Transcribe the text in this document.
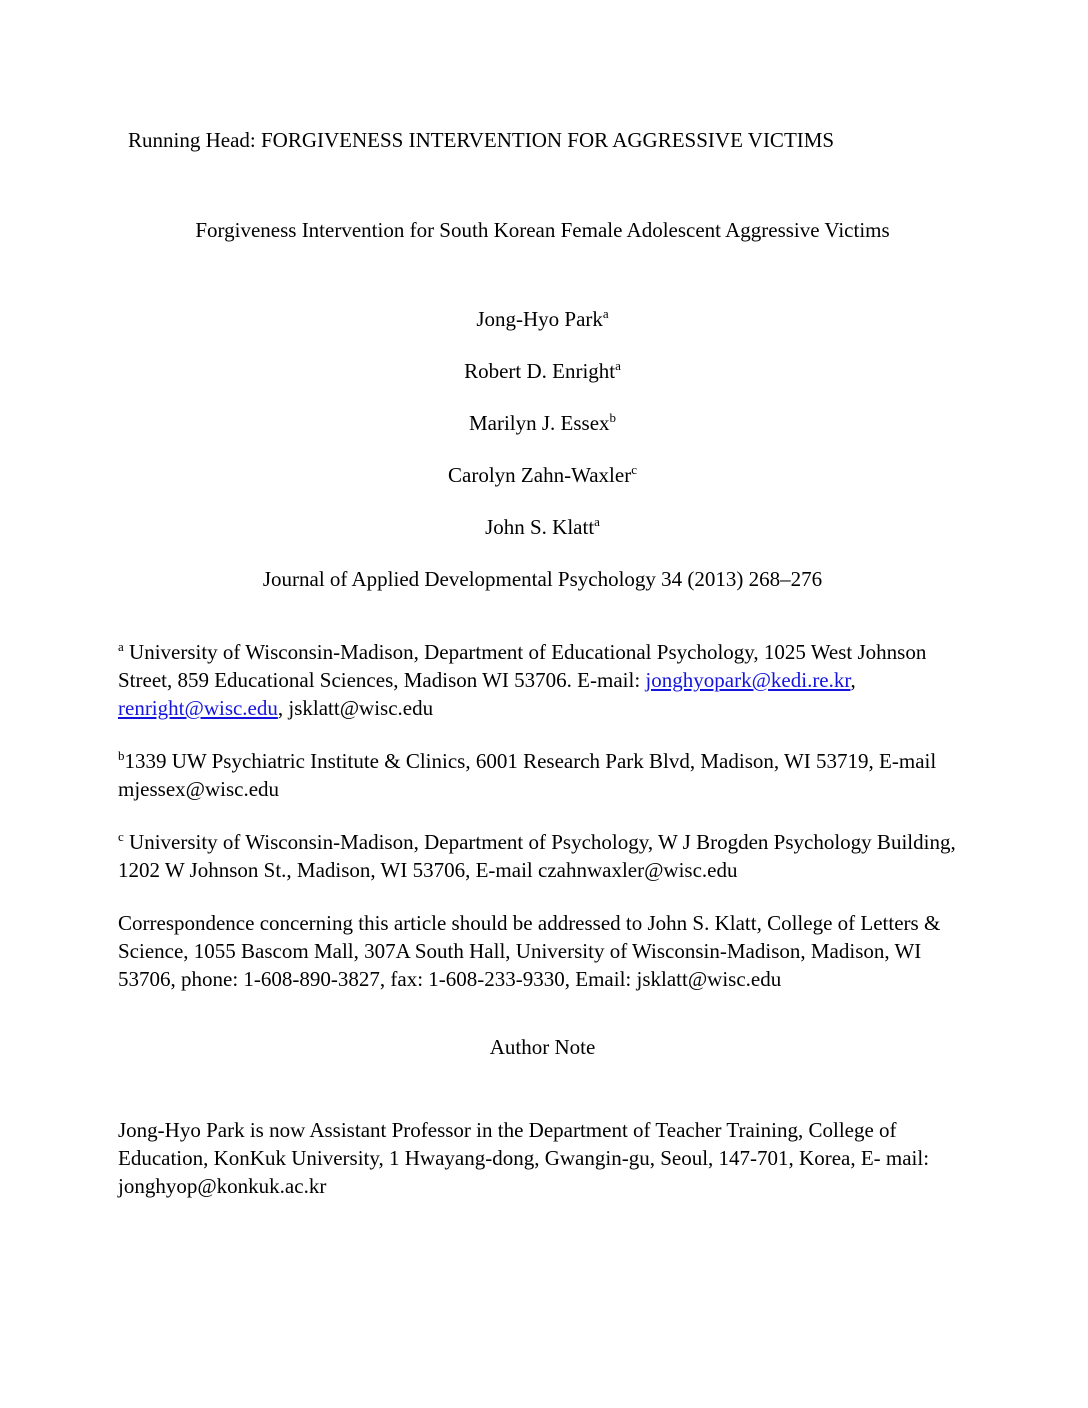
Running Head: FORGIVENESS INTERVENTION FOR AGGRESSIVE VICTIMS

Forgiveness Intervention for South Korean Female Adolescent Aggressive Victims

Jong-Hyo Park$^a$

Robert D. Enright$^a$

Marilyn J. Essex$^b$

Carolyn Zahn-Waxler$^c$

John S. Klatt$^a$

Journal of Applied Developmental Psychology 34 (2013) 268–276

$^a$ University of Wisconsin-Madison, Department of Educational Psychology, 1025 West Johnson Street, 859 Educational Sciences, Madison WI 53706. E-mail: jonghyopark@kedi.re.kr, renright@wisc.edu, jsklatt@wisc.edu

$^b$1339 UW Psychiatric Institute & Clinics, 6001 Research Park Blvd, Madison, WI 53719, E-mail mjessex@wisc.edu

$^c$ University of Wisconsin-Madison, Department of Psychology, W J Brogden Psychology Building, 1202 W Johnson St., Madison, WI 53706, E-mail czahnwaxler@wisc.edu

Correspondence concerning this article should be addressed to John S. Klatt, College of Letters & Science, 1055 Bascom Mall, 307A South Hall, University of Wisconsin-Madison, Madison, WI 53706, phone: 1-608-890-3827, fax: 1-608-233-9330, Email: jsklatt@wisc.edu

Author Note

Jong-Hyo Park is now Assistant Professor in the Department of Teacher Training, College of Education, KonKuk University, 1 Hwayang-dong, Gwangin-gu, Seoul, 147-701, Korea, E- mail: jonghyop@konkuk.ac.kr
